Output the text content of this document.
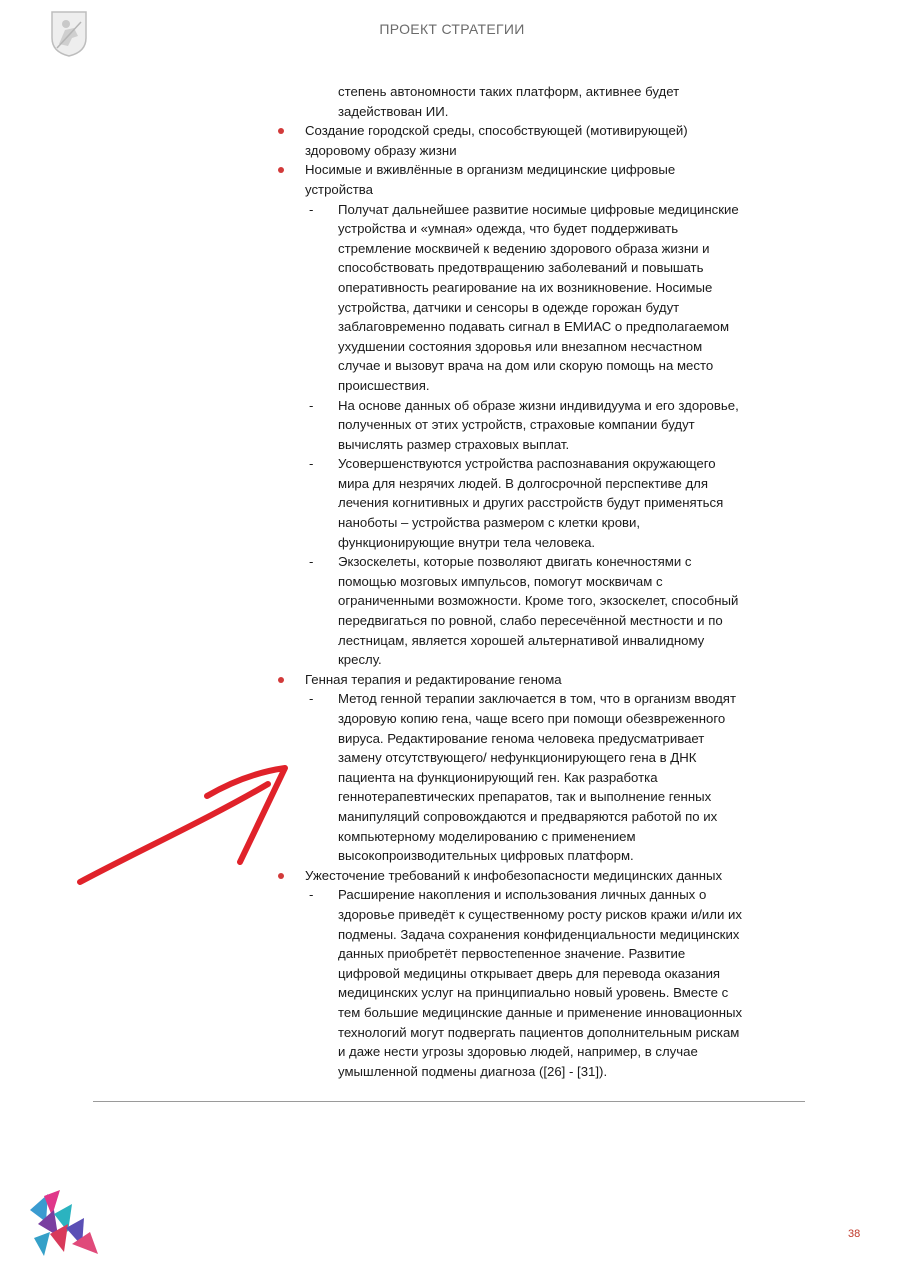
ПРОЕКТ СТРАТЕГИИ
степень автономности таких платформ, активнее будет
задействован ИИ.
Создание городской среды, способствующей (мотивирующей)
здоровому образу жизни
Носимые и вживлённые в организм медицинские цифровые
устройства
- Получат дальнейшее развитие носимые цифровые медицинские
устройства и «умная» одежда, что будет поддерживать
стремление москвичей к ведению здорового образа жизни и
способствовать предотвращению заболеваний и повышать
оперативность реагирование на их возникновение. Носимые
устройства, датчики и сенсоры в одежде горожан будут
заблаговременно подавать сигнал в ЕМИАС о предполагаемом
ухудшении состояния здоровья или внезапном несчастном
случае и вызовут врача на дом или скорую помощь на место
происшествия.
- На основе данных об образе жизни индивидуума и его здоровье,
полученных от этих устройств, страховые компании будут
вычислять размер страховых выплат.
- Усовершенствуются устройства распознавания окружающего
мира для незрячих людей. В долгосрочной перспективе для
лечения когнитивных и других расстройств будут применяться
наноботы – устройства размером с клетки крови,
функционирующие внутри тела человека.
- Экзоскелеты, которые позволяют двигать конечностями с
помощью мозговых импульсов, помогут москвичам с
ограниченными возможности. Кроме того, экзоскелет, способный
передвигаться по ровной, слабо пересечённой местности и по
лестницам, является хорошей альтернативой инвалидному
креслу.
Генная терапия и редактирование генома
- Метод генной терапии заключается в том, что в организм вводят
здоровую копию гена, чаще всего при помощи обезвреженного
вируса. Редактирование генома человека предусматривает
замену отсутствующего/ нефункционирующего гена в ДНК
пациента на функционирующий ген. Как разработка
геннотерапевтических препаратов, так и выполнение генных
манипуляций сопровождаются и предваряются работой по их
компьютерному моделированию с применением
высокопроизводительных цифровых платформ.
Ужесточение требований к инфобезопасности медицинских данных
- Расширение накопления и использования личных данных о
здоровье приведёт к существенному росту рисков кражи и/или их
подмены. Задача сохранения конфиденциальности медицинских
данных приобретёт первостепенное значение. Развитие
цифровой медицины открывает дверь для перевода оказания
медицинских услуг на принципиально новый уровень. Вместе с
тем большие медицинские данные и применение инновационных
технологий могут подвергать пациентов дополнительным рискам
и даже нести угрозы здоровью людей, например, в случае
умышленной подмены диагноза ([26] - [31]).
38
